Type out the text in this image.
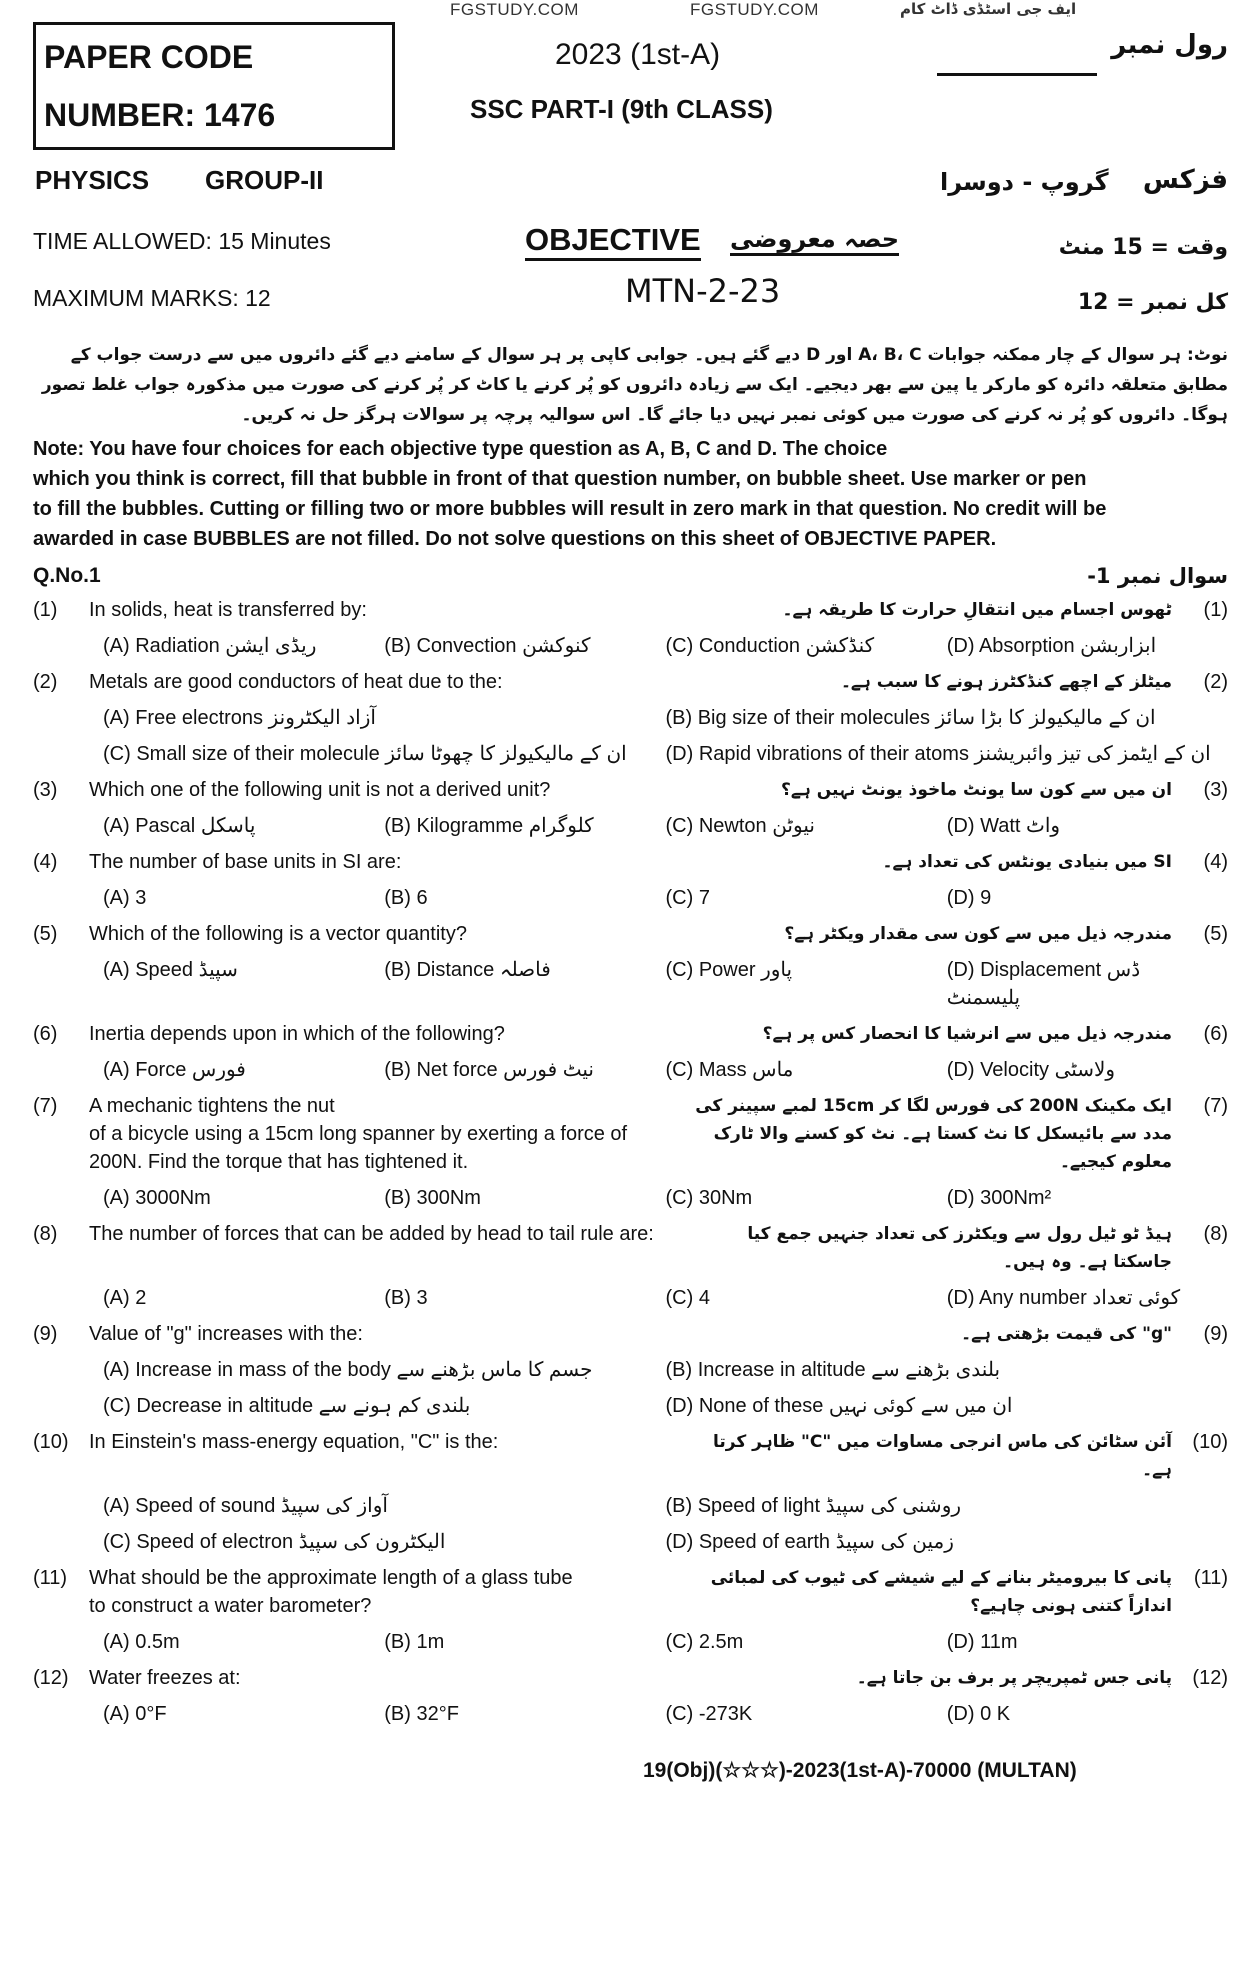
FGSTUDY.COM	FGSTUDY.COM	ایف جی اسٹڈی ڈاٹ کام
PAPER CODE
NUMBER: 1476
2023 (1st-A)
SSC PART-I (9th CLASS)
رول نمبر
PHYSICS GROUP-II	گروپ - دوسرا فزکس
TIME ALLOWED: 15 Minutes	OBJECTIVE حصہ معروضی	وقت = 15 منٹ
MAXIMUM MARKS: 12	MTN-2-23	کل نمبر = 12
نوٹ: ہر سوال کے چار ممکنہ جوابات A، B، C اور D دیے گئے ہیں۔ جوابی کاپی پر ہر سوال کے سامنے دیے گئے دائروں میں سے درست جواب کے مطابق متعلقہ دائرہ کو مارکر یا پین سے بھر دیجیے۔ ایک سے زیادہ دائروں کو پُر کرنے یا کاٹ کر پُر کرنے کی صورت میں مذکورہ جواب غلط تصور ہوگا۔ دائروں کو پُر نہ کرنے کی صورت میں کوئی نمبر نہیں دیا جائے گا۔ اس سوالیہ پرچہ پر سوالات ہرگز حل نہ کریں۔
Note: You have four choices for each objective type question as A, B, C and D. The choice
which you think is correct, fill that bubble in front of that question number, on bubble sheet. Use marker or pen
to fill the bubbles. Cutting or filling two or more bubbles will result in zero mark in that question. No credit will be
awarded in case BUBBLES are not filled. Do not solve questions on this sheet of OBJECTIVE PAPER.
Q.No.1	سوال نمبر 1-
(1)	In solids, heat is transferred by:	ٹھوس اجسام میں انتقالِ حرارت کا طریقہ ہے۔	(1)
(A) Radiation ریڈی ایشن	(B) Convection کنوکشن	(C) Conduction کنڈکشن	(D) Absorption ابزاربشن
(2)	Metals are good conductors of heat due to the:	میٹلز کے اچھے کنڈکٹرز ہونے کا سبب ہے۔	(2)
(A) Free electrons آزاد الیکٹرونز	(B) Big size of their molecules ان کے مالیکیولز کا بڑا سائز
(C) Small size of their molecule ان کے مالیکیولز کا چھوٹا سائز	(D) Rapid vibrations of their atoms ان کے ایٹمز کی تیز وائبریشنز
(3)	Which one of the following unit is not a derived unit?	ان میں سے کون سا یونٹ ماخوذ یونٹ نہیں ہے؟	(3)
(A) Pascal پاسکل	(B) Kilogramme کلوگرام	(C) Newton نیوٹن	(D) Watt واٹ
(4)	The number of base units in SI are:	SI میں بنیادی یونٹس کی تعداد ہے۔	(4)
(A) 3	(B) 6	(C) 7	(D) 9
(5)	Which of the following is a vector quantity?	مندرجہ ذیل میں سے کون سی مقدار ویکٹر ہے؟	(5)
(A) Speed سپیڈ	(B) Distance فاصلہ	(C) Power پاور	(D) Displacement ڈس پلیسمنٹ
(6)	Inertia depends upon in which of the following?	مندرجہ ذیل میں سے انرشیا کا انحصار کس پر ہے؟	(6)
(A) Force فورس	(B) Net force نیٹ فورس	(C) Mass ماس	(D) Velocity ولاسٹی
(7)	A mechanic tightens the nut
of a bicycle using a 15cm long spanner by exerting a force of 200N. Find the torque that has tightened it.
ایک مکینک 200N کی فورس لگا کر 15cm لمبے سپینر کی مدد سے بائیسکل کا نٹ کستا ہے۔ نٹ کو کسنے والا ٹارک معلوم کیجیے۔
(7)
(A) 3000Nm	(B) 300Nm	(C) 30Nm	(D) 300Nm²
(8)	The number of forces that can be added by head to tail rule are:	ہیڈ ٹو ٹیل رول سے ویکٹرز کی تعداد جنہیں جمع کیا جاسکتا ہے۔ وہ ہیں۔
(8)
(A) 2	(B) 3	(C) 4	(D) Any number کوئی تعداد
(9)	Value of "g" increases with the:	"g" کی قیمت بڑھتی ہے۔	(9)
(A) Increase in mass of the body جسم کا ماس بڑھنے سے	(B) Increase in altitude بلندی بڑھنے سے
(C) Decrease in altitude بلندی کم ہونے سے	(D) None of these ان میں سے کوئی نہیں
(10)	In Einstein's mass-energy equation, "C" is the:	آئن سٹائن کی ماس انرجی مساوات میں "C" ظاہر کرتا ہے۔
(10)
(A) Speed of sound آواز کی سپیڈ	(B) Speed of light روشنی کی سپیڈ
(C) Speed of electron الیکٹرون کی سپیڈ	(D) Speed of earth زمین کی سپیڈ
(11)	What should be the approximate length of a glass tube
to construct a water barometer?
پانی کا بیرومیٹر بنانے کے لیے شیشے کی ٹیوب کی لمبائی اندازاً کتنی ہونی چاہیے؟
(11)
(A) 0.5m	(B) 1m	(C) 2.5m	(D) 11m
(12)	Water freezes at:	پانی جس ٹمپریچر پر برف بن جاتا ہے۔	(12)
(A) 0°F	(B) 32°F	(C) -273K	(D) 0 K
19(Obj)(☆☆☆)-2023(1st-A)-70000 (MULTAN)
